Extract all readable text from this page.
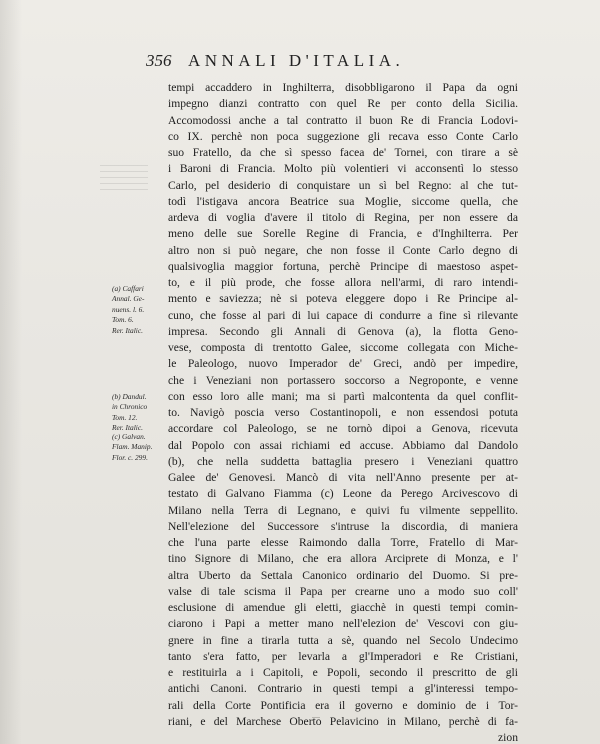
356 ANNALI D'ITALIA.
tempi accaddero in Inghilterra, disobbligarono il Papa da ogni
impegno dianzi contratto con quel Re per conto della Sicilia.
Accomodossi anche a tal contratto il buon Re di Francia Lodovi-
co IX. perchè non poca suggezione gli recava esso Conte Carlo
suo Fratello, da che sì spesso facea de' Tornei, con tirare a sè
i Baroni di Francia. Molto più volentieri vi acconsentì lo stesso
Carlo, pel desiderio di conquistare un sì bel Regno: al che tut-
todì l'istigava ancora Beatrice sua Moglie, siccome quella, che
ardeva di voglia d'avere il titolo di Regina, per non essere da
meno delle sue Sorelle Regine di Francia, e d'Inghilterra. Per
altro non si può negare, che non fosse il Conte Carlo degno di
qualsivoglia maggior fortuna, perchè Principe di maestoso aspet-
to, e il più prode, che fosse allora nell'armi, di raro intendi-
mento e saviezza; nè si poteva eleggere dopo i Re Principe al-
cuno, che fosse al pari di lui capace di condurre a fine sì rilevante
impresa. Secondo gli Annali di Genova (a), la flotta Geno-
vese, composta di trentotto Galee, siccome collegata con Miche-
le Paleologo, nuovo Imperador de' Greci, andò per impedire,
che i Veneziani non portassero soccorso a Negroponte, e venne
con esso loro alle mani; ma si partì malcontenta da quel conflit-
to. Navigò poscia verso Costantinopoli, e non essendosi potuta
accordare col Paleologo, se ne tornò dipoi a Genova, ricevuta
dal Popolo con assai richiami ed accuse. Abbiamo dal Dandolo
(b), che nella suddetta battaglia presero i Veneziani quattro
Galee de' Genovesi. Mancò di vita nell'Anno presente per at-
testato di Galvano Fiamma (c) Leone da Perego Arcivescovo di
Milano nella Terra di Legnano, e quivi fu vilmente seppellito.
Nell'elezione del Successore s'intruse la discordia, di maniera
che l'una parte elesse Raimondo dalla Torre, Fratello di Mar-
tino Signore di Milano, che era allora Arciprete di Monza, e l'
altra Uberto da Settala Canonico ordinario del Duomo. Si pre-
valse di tale scisma il Papa per crearne uno a modo suo coll'
esclusione di amendue gli eletti, giacchè in questi tempi comin-
ciarono i Papi a metter mano nell'elezion de' Vescovi con giu-
gnere in fine a tirarla tutta a sè, quando nel Secolo Undecimo
tanto s'era fatto, per levarla a gl'Imperadori e Re Cristiani,
e restituirla a i Capitoli, e Popoli, secondo il prescritto de gli
antichi Canoni. Contrario in questi tempi a gl'interessi tempo-
rali della Corte Pontificia era il governo e dominio de i Tor-
riani, e del Marchese Oberto Pelavicino in Milano, perchè di fa-
zion
(a) Caffari
Annal. Ge-
nuens. l. 6.
Tom. 6.
Rer. Italic.
(b) Dandul.
in Chronico
Tom. 12.
Rer. Italic.
(c) Galvan.
Flam. Manip.
Flor. c. 299.
